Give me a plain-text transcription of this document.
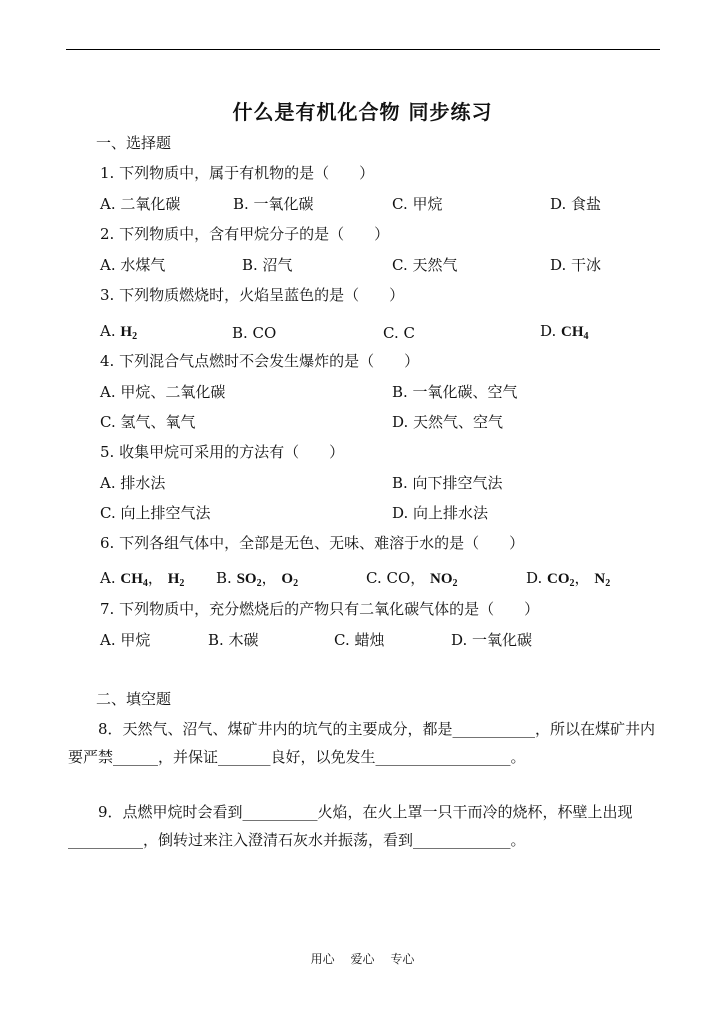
什么是有机化合物 同步练习
一、选择题
1. 下列物质中，属于有机物的是（　　）
A. 二氧化碳	B. 一氧化碳	C. 甲烷	D. 食盐
2. 下列物质中，含有甲烷分子的是（　　）
A. 水煤气	B. 沼气	C. 天然气	D. 干冰
3. 下列物质燃烧时，火焰呈蓝色的是（　　）
A. $H_2$	B. CO	C. C	D. $CH_4$
4. 下列混合气点燃时不会发生爆炸的是（　　）
A. 甲烷、二氧化碳	B. 一氧化碳、空气
C. 氢气、氧气	D. 天然气、空气
5. 收集甲烷可采用的方法有（　　）
A. 排水法	B. 向下排空气法
C. 向上排空气法	D. 向上排水法
6. 下列各组气体中，全部是无色、无味、难溶于水的是（　　）
A. $CH_4$， $H_2$ B. $SO_2$， $O_2$	C. CO， $NO_2$	D. $CO_2$， $N_2$
7. 下列物质中，充分燃烧后的产物只有二氧化碳气体的是（　　）
A. 甲烷	B. 木碳	C. 蜡烛	D. 一氧化碳
二、填空题
8．天然气、沼气、煤矿井内的坑气的主要成分，都是___________，所以在煤矿井内要严禁______，并保证_______良好，以免发生__________________。
9．点燃甲烷时会看到__________火焰，在火上罩一只干而冷的烧杯，杯壁上出现__________，倒转过来注入澄清石灰水并振荡，看到_____________。
用心 爱心 专心
